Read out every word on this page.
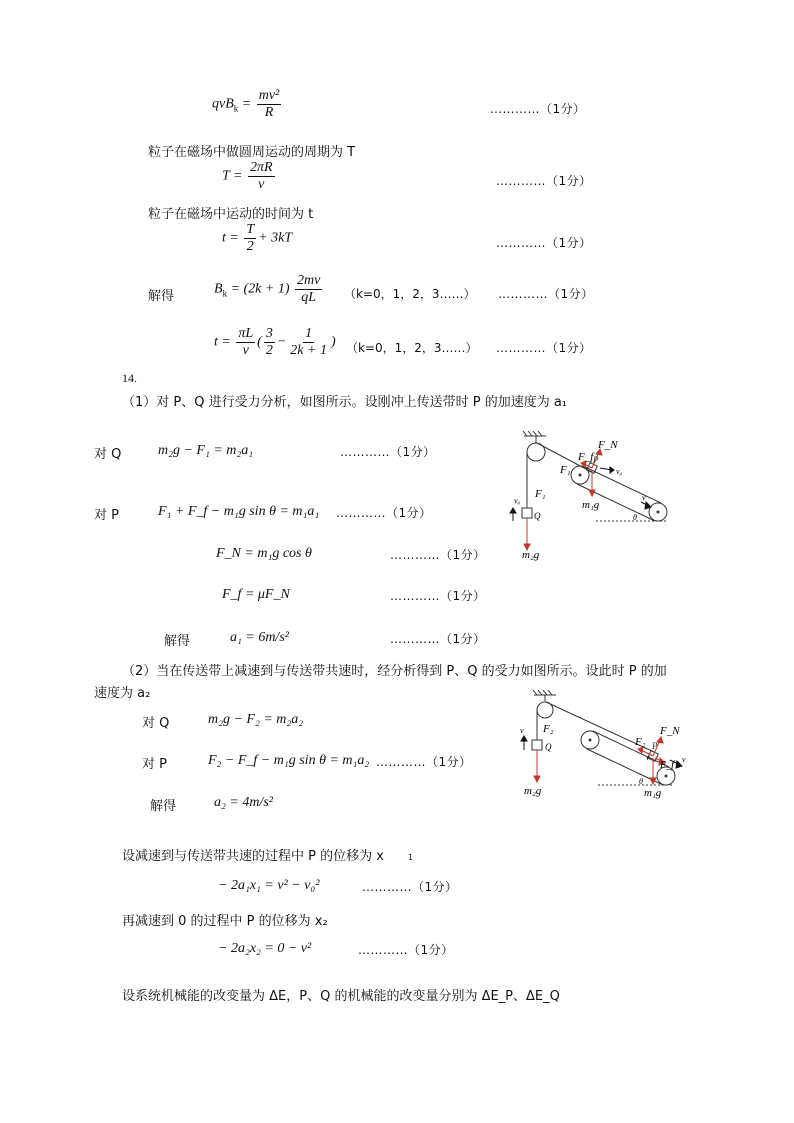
$qvB_k = \frac{\text{mv²}}{R}$	…………（1分）
粒子在磁场中做圆周运动的周期为 T
$T = \frac{2\pi R}{v}$	…………（1分）
粒子在磁场中运动的时间为 t
$t = \frac{T}{2} + 3kT$	…………（1分）
解得	$B_k = (2k + 1) \frac{2mv}{qL} (k=0$，1，2，3……） …………（1分）
$t = \frac{\pi L}{v}$ ( $\frac{3}{2} - \frac{1}{2k + 1}$ ) （k=0，1，2，3……） …………（1分）
14.
（1）对 P、Q 进行受力分析，如图所示。设刚冲上传送带时 P 的加速度为 a₁
对 Q	m₂g − F₁ = m₂a₁	…………（1分）
对 P	F₁ + F_f − m₁g sin θ = m₁a₁ …………（1分）
F_N = m₁g cos θ	…………（1分）
F_f = μF_N	…………（1分）
解得	a₁ = 6m/s²	…………（1分）
F_N
F_f
F₁
P
v₀
v₀
F₁
Q
m₁g
m₂g
θ
v
（2）当在传送带上减速到与传送带共速时，经分析得到 P、Q 的受力如图所示。设此时 P 的加
速度为 a₂
对 Q	m₂g − F₂ = m₂a₂
对 P	F₂ − F_f − m₁g sin θ = m₁a₂ …………（1分）
解得	a₂ = 4m/s²
F_N
F₂ P
v
F_f
v F₂
Q
m₁g
m₂g
θ
v
设减速到与传送带共速的过程中 P 的位移为 x	1
− 2a₁x₁ = v² − v₀²	…………（1分）
再减速到 0 的过程中 P 的位移为 x₂
− 2a₂x₂ = 0 − v²	…………（1分）
设系统机械能的改变量为 ΔE，P、Q 的机械能的改变量分别为 ΔE_P、ΔE_Q
